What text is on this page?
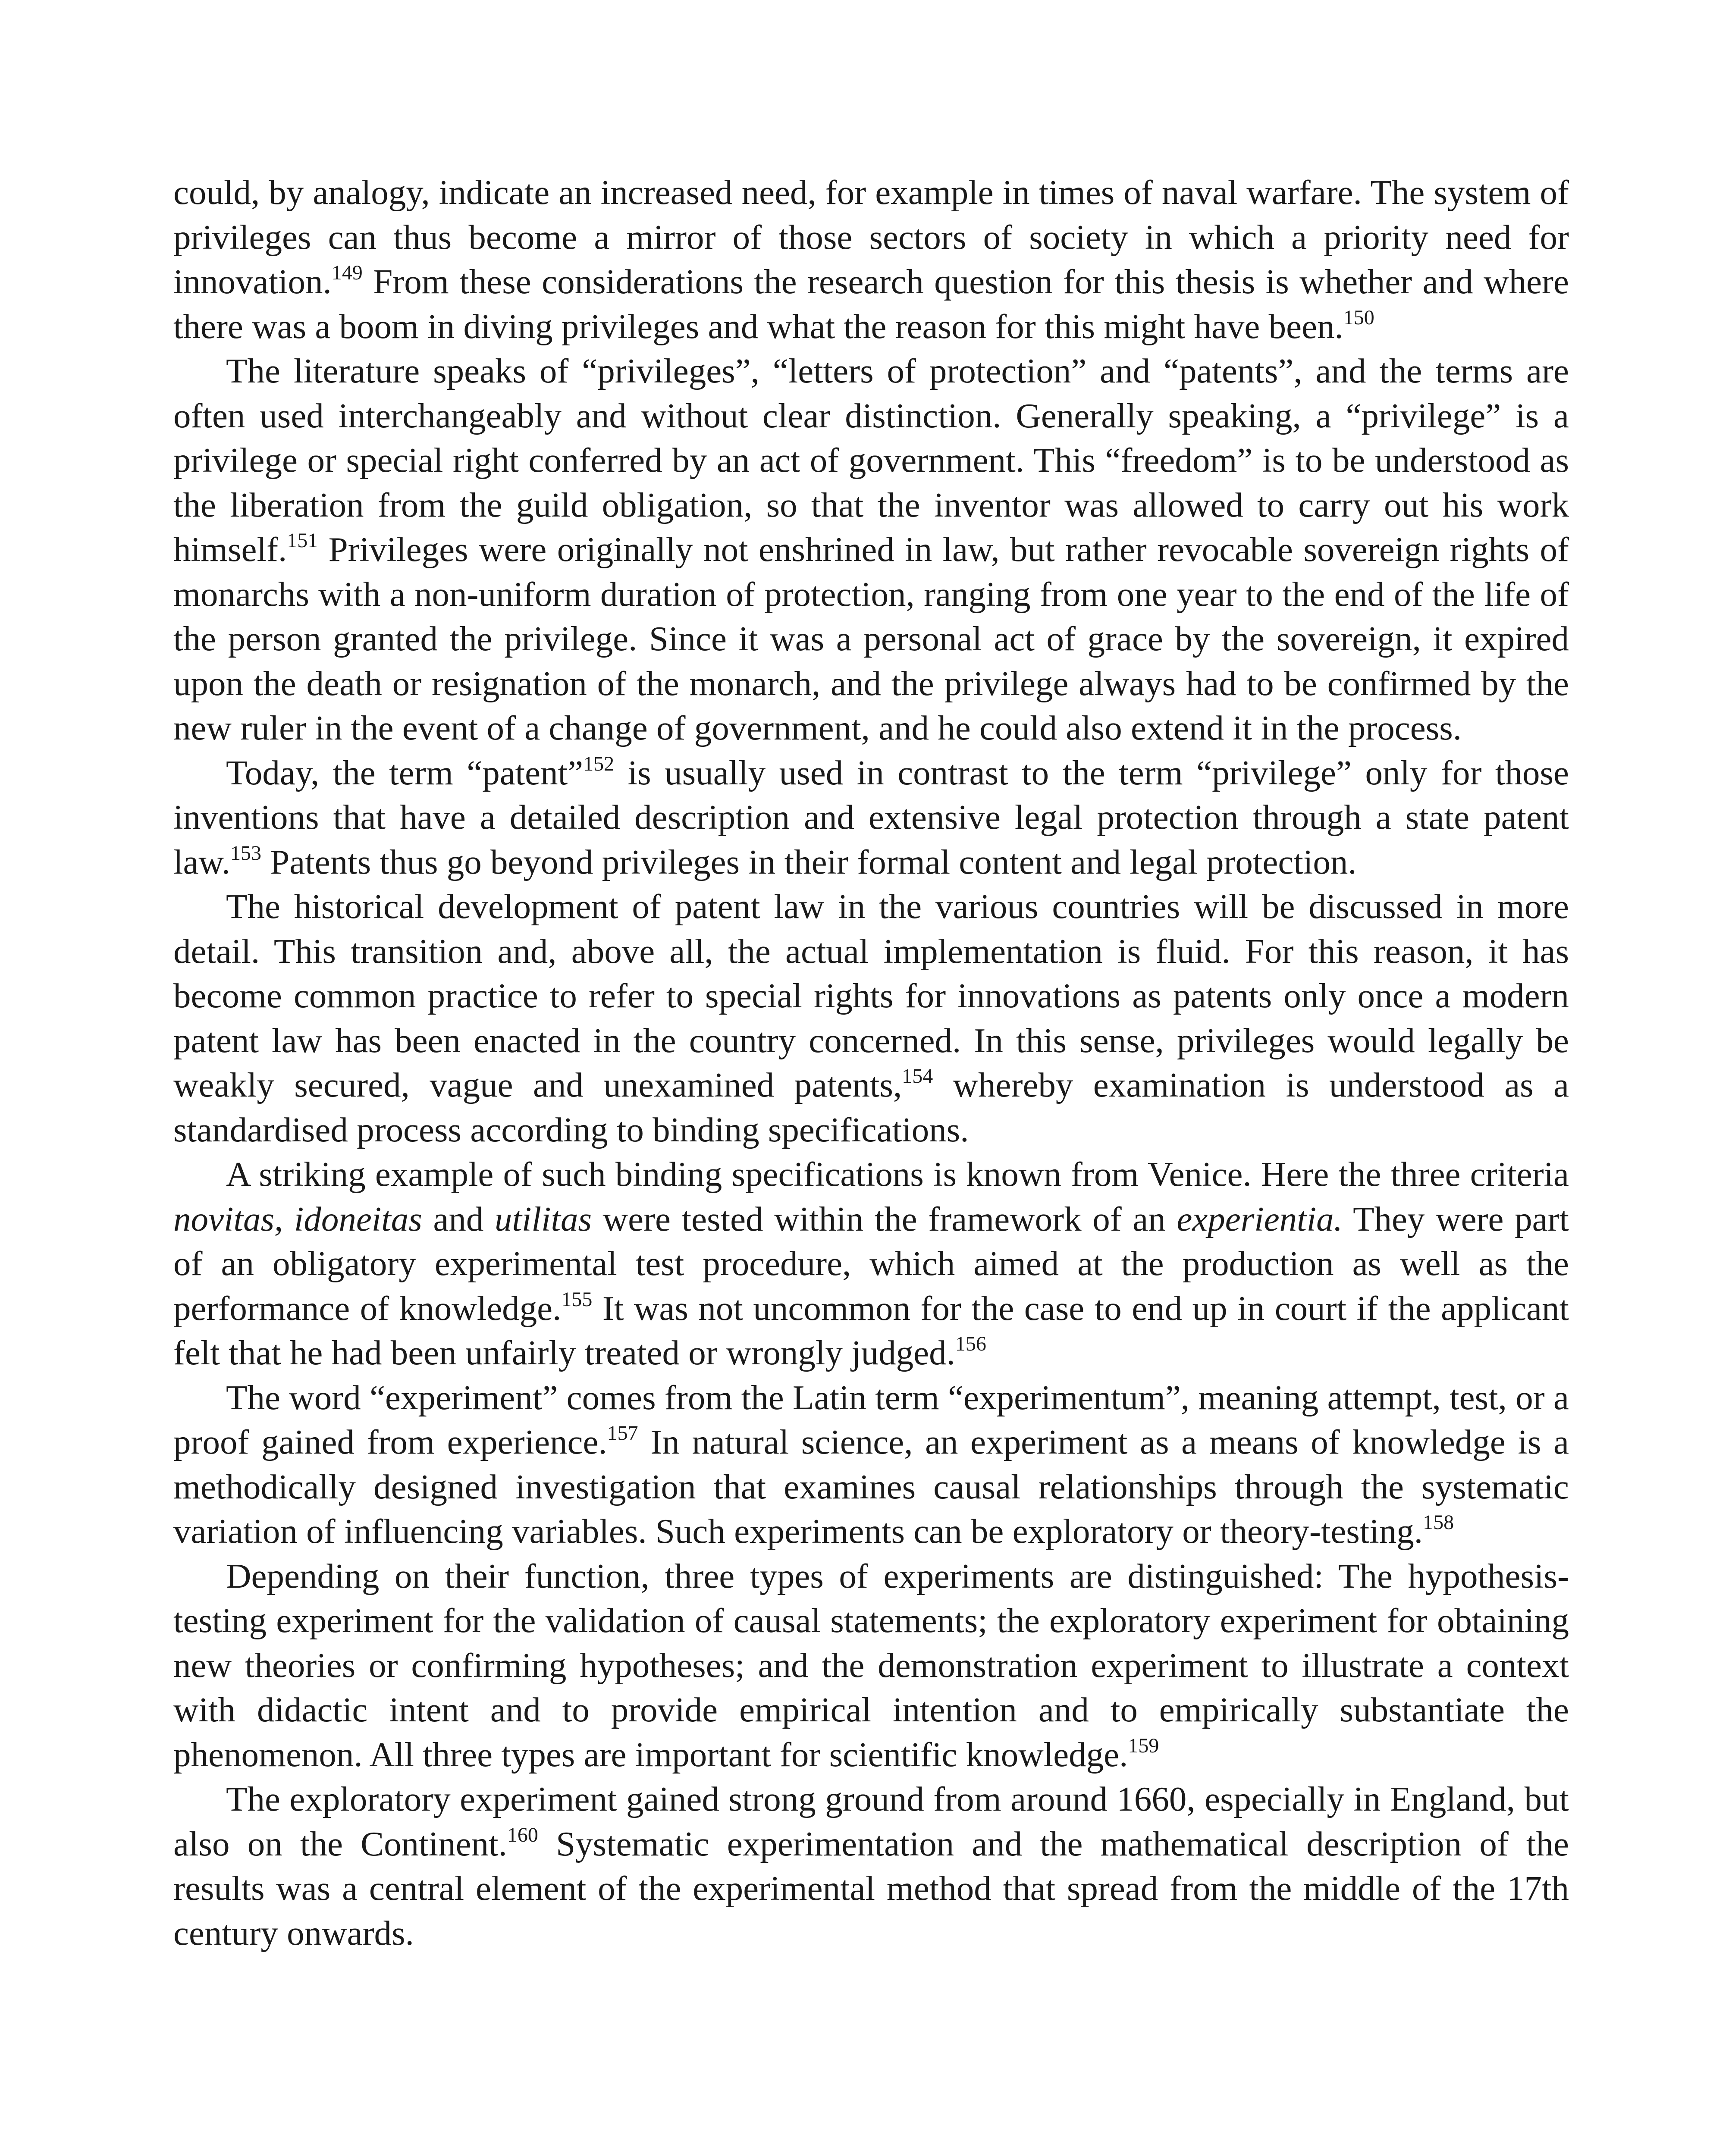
could, by analogy, indicate an increased need, for example in times of naval warfare. The system of privileges can thus become a mirror of those sectors of society in which a priority need for innovation.$^{149}$ From these considerations the research question for this thesis is whether and where there was a boom in diving privileges and what the reason for this might have been.$^{150}$

The literature speaks of “privileges”, “letters of protection” and “patents”, and the terms are often used interchangeably and without clear distinction. Generally speaking, a “privilege” is a privilege or special right conferred by an act of government. This “freedom” is to be understood as the liberation from the guild obligation, so that the inventor was allowed to carry out his work himself.$^{151}$ Privileges were originally not enshrined in law, but rather revocable sovereign rights of monarchs with a non-uniform duration of protection, ranging from one year to the end of the life of the person granted the privilege. Since it was a personal act of grace by the sovereign, it expired upon the death or resignation of the monarch, and the privilege always had to be confirmed by the new ruler in the event of a change of government, and he could also extend it in the process.

Today, the term “patent”$^{152}$ is usually used in contrast to the term “privilege” only for those inventions that have a detailed description and extensive legal protection through a state patent law.$^{153}$ Patents thus go beyond privileges in their formal content and legal protection.

The historical development of patent law in the various countries will be discussed in more detail. This transition and, above all, the actual implementation is fluid. For this reason, it has become common practice to refer to special rights for innovations as patents only once a modern patent law has been enacted in the country concerned. In this sense, privileges would legally be weakly secured, vague and unexamined patents,$^{154}$ whereby examination is understood as a standardised process according to binding specifications.

A striking example of such binding specifications is known from Venice. Here the three criteria novitas, idoneitas and utilitas were tested within the framework of an experientia. They were part of an obligatory experimental test procedure, which aimed at the production as well as the performance of knowledge.$^{155}$ It was not uncommon for the case to end up in court if the applicant felt that he had been unfairly treated or wrongly judged.$^{156}$

The word “experiment” comes from the Latin term “experimentum”, meaning attempt, test, or a proof gained from experience.$^{157}$ In natural science, an experiment as a means of knowledge is a methodically designed investigation that examines causal relationships through the systematic variation of influencing variables. Such experiments can be exploratory or theory-testing.$^{158}$

Depending on their function, three types of experiments are distinguished: The hypothesis-testing experiment for the validation of causal statements; the exploratory experiment for obtaining new theories or confirming hypotheses; and the demonstration experiment to illustrate a context with didactic intent and to provide empirical intention and to empirically substantiate the phenomenon. All three types are important for scientific knowledge.$^{159}$

The exploratory experiment gained strong ground from around 1660, especially in England, but also on the Continent.$^{160}$ Systematic experimentation and the mathematical description of the results was a central element of the experimental method that spread from the middle of the 17th century onwards.
